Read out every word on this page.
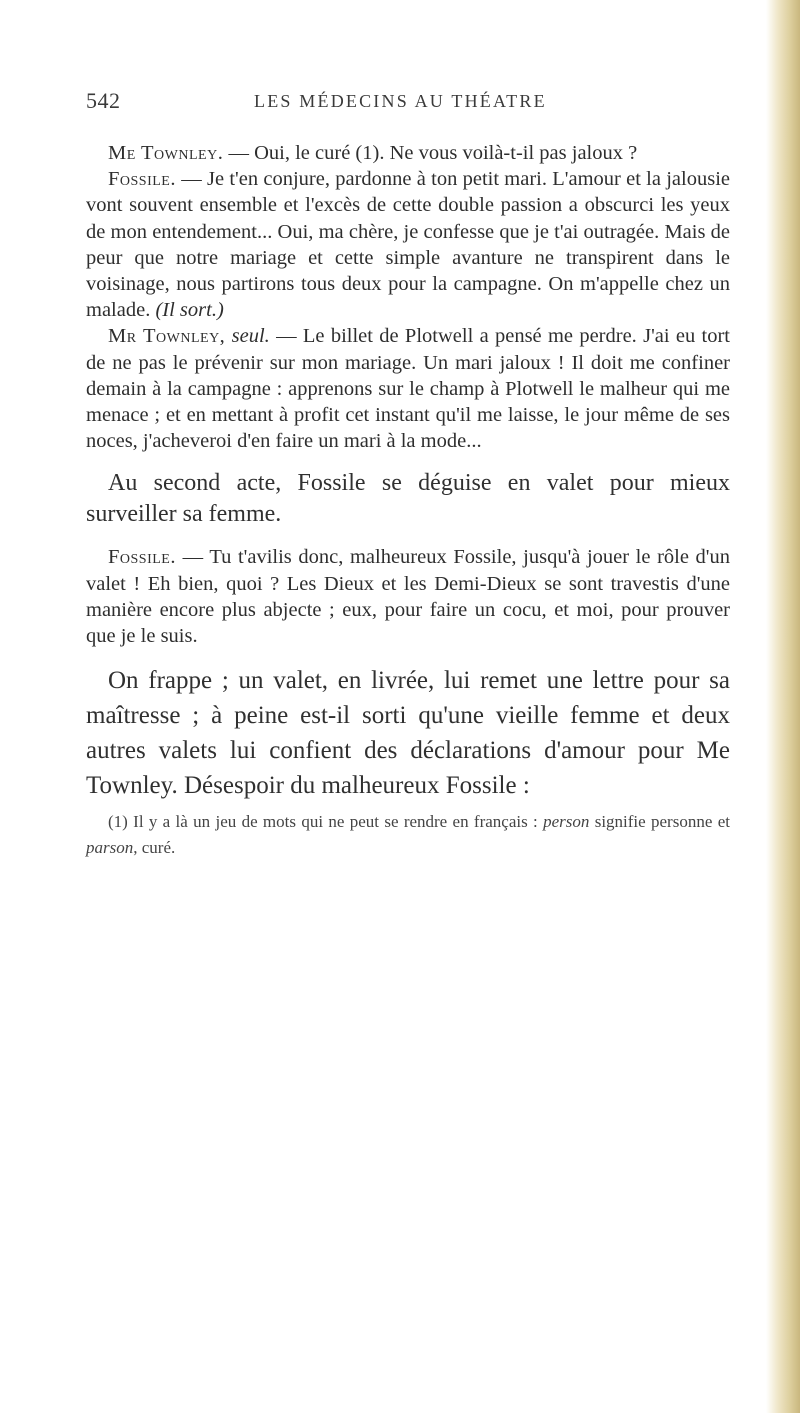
542	LES MÉDECINS AU THÉATRE

Me Townley. — Oui, le curé (1). Ne vous voilà-t-il pas jaloux ?

Fossile. — Je t'en conjure, pardonne à ton petit mari. L'amour et la jalousie vont souvent ensemble et l'excès de cette double passion a obscurci les yeux de mon entendement... Oui, ma chère, je confesse que je t'ai outragée. Mais de peur que notre mariage et cette simple avanture ne transpirent dans le voisinage, nous partirons tous deux pour la campagne. On m'appelle chez un malade. (Il sort.)

Mr Townley, seul. — Le billet de Plotwell a pensé me perdre. J'ai eu tort de ne pas le prévenir sur mon mariage. Un mari jaloux ! Il doit me confiner demain à la campagne : apprenons sur le champ à Plotwell le malheur qui me menace ; et en mettant à profit cet instant qu'il me laisse, le jour même de ses noces, j'acheveroi d'en faire un mari à la mode...

Au second acte, Fossile se déguise en valet pour mieux surveiller sa femme.

Fossile. — Tu t'avilis donc, malheureux Fossile, jusqu'à jouer le rôle d'un valet ! Eh bien, quoi ? Les Dieux et les Demi-Dieux se sont travestis d'une manière encore plus abjecte ; eux, pour faire un cocu, et moi, pour prouver que je le suis.

On frappe ; un valet, en livrée, lui remet une lettre pour sa maîtresse ; à peine est-il sorti qu'une vieille femme et deux autres valets lui confient des déclarations d'amour pour Me Townley. Désespoir du malheureux Fossile :

(1) Il y a là un jeu de mots qui ne peut se rendre en français : person signifie personne et parson, curé.
